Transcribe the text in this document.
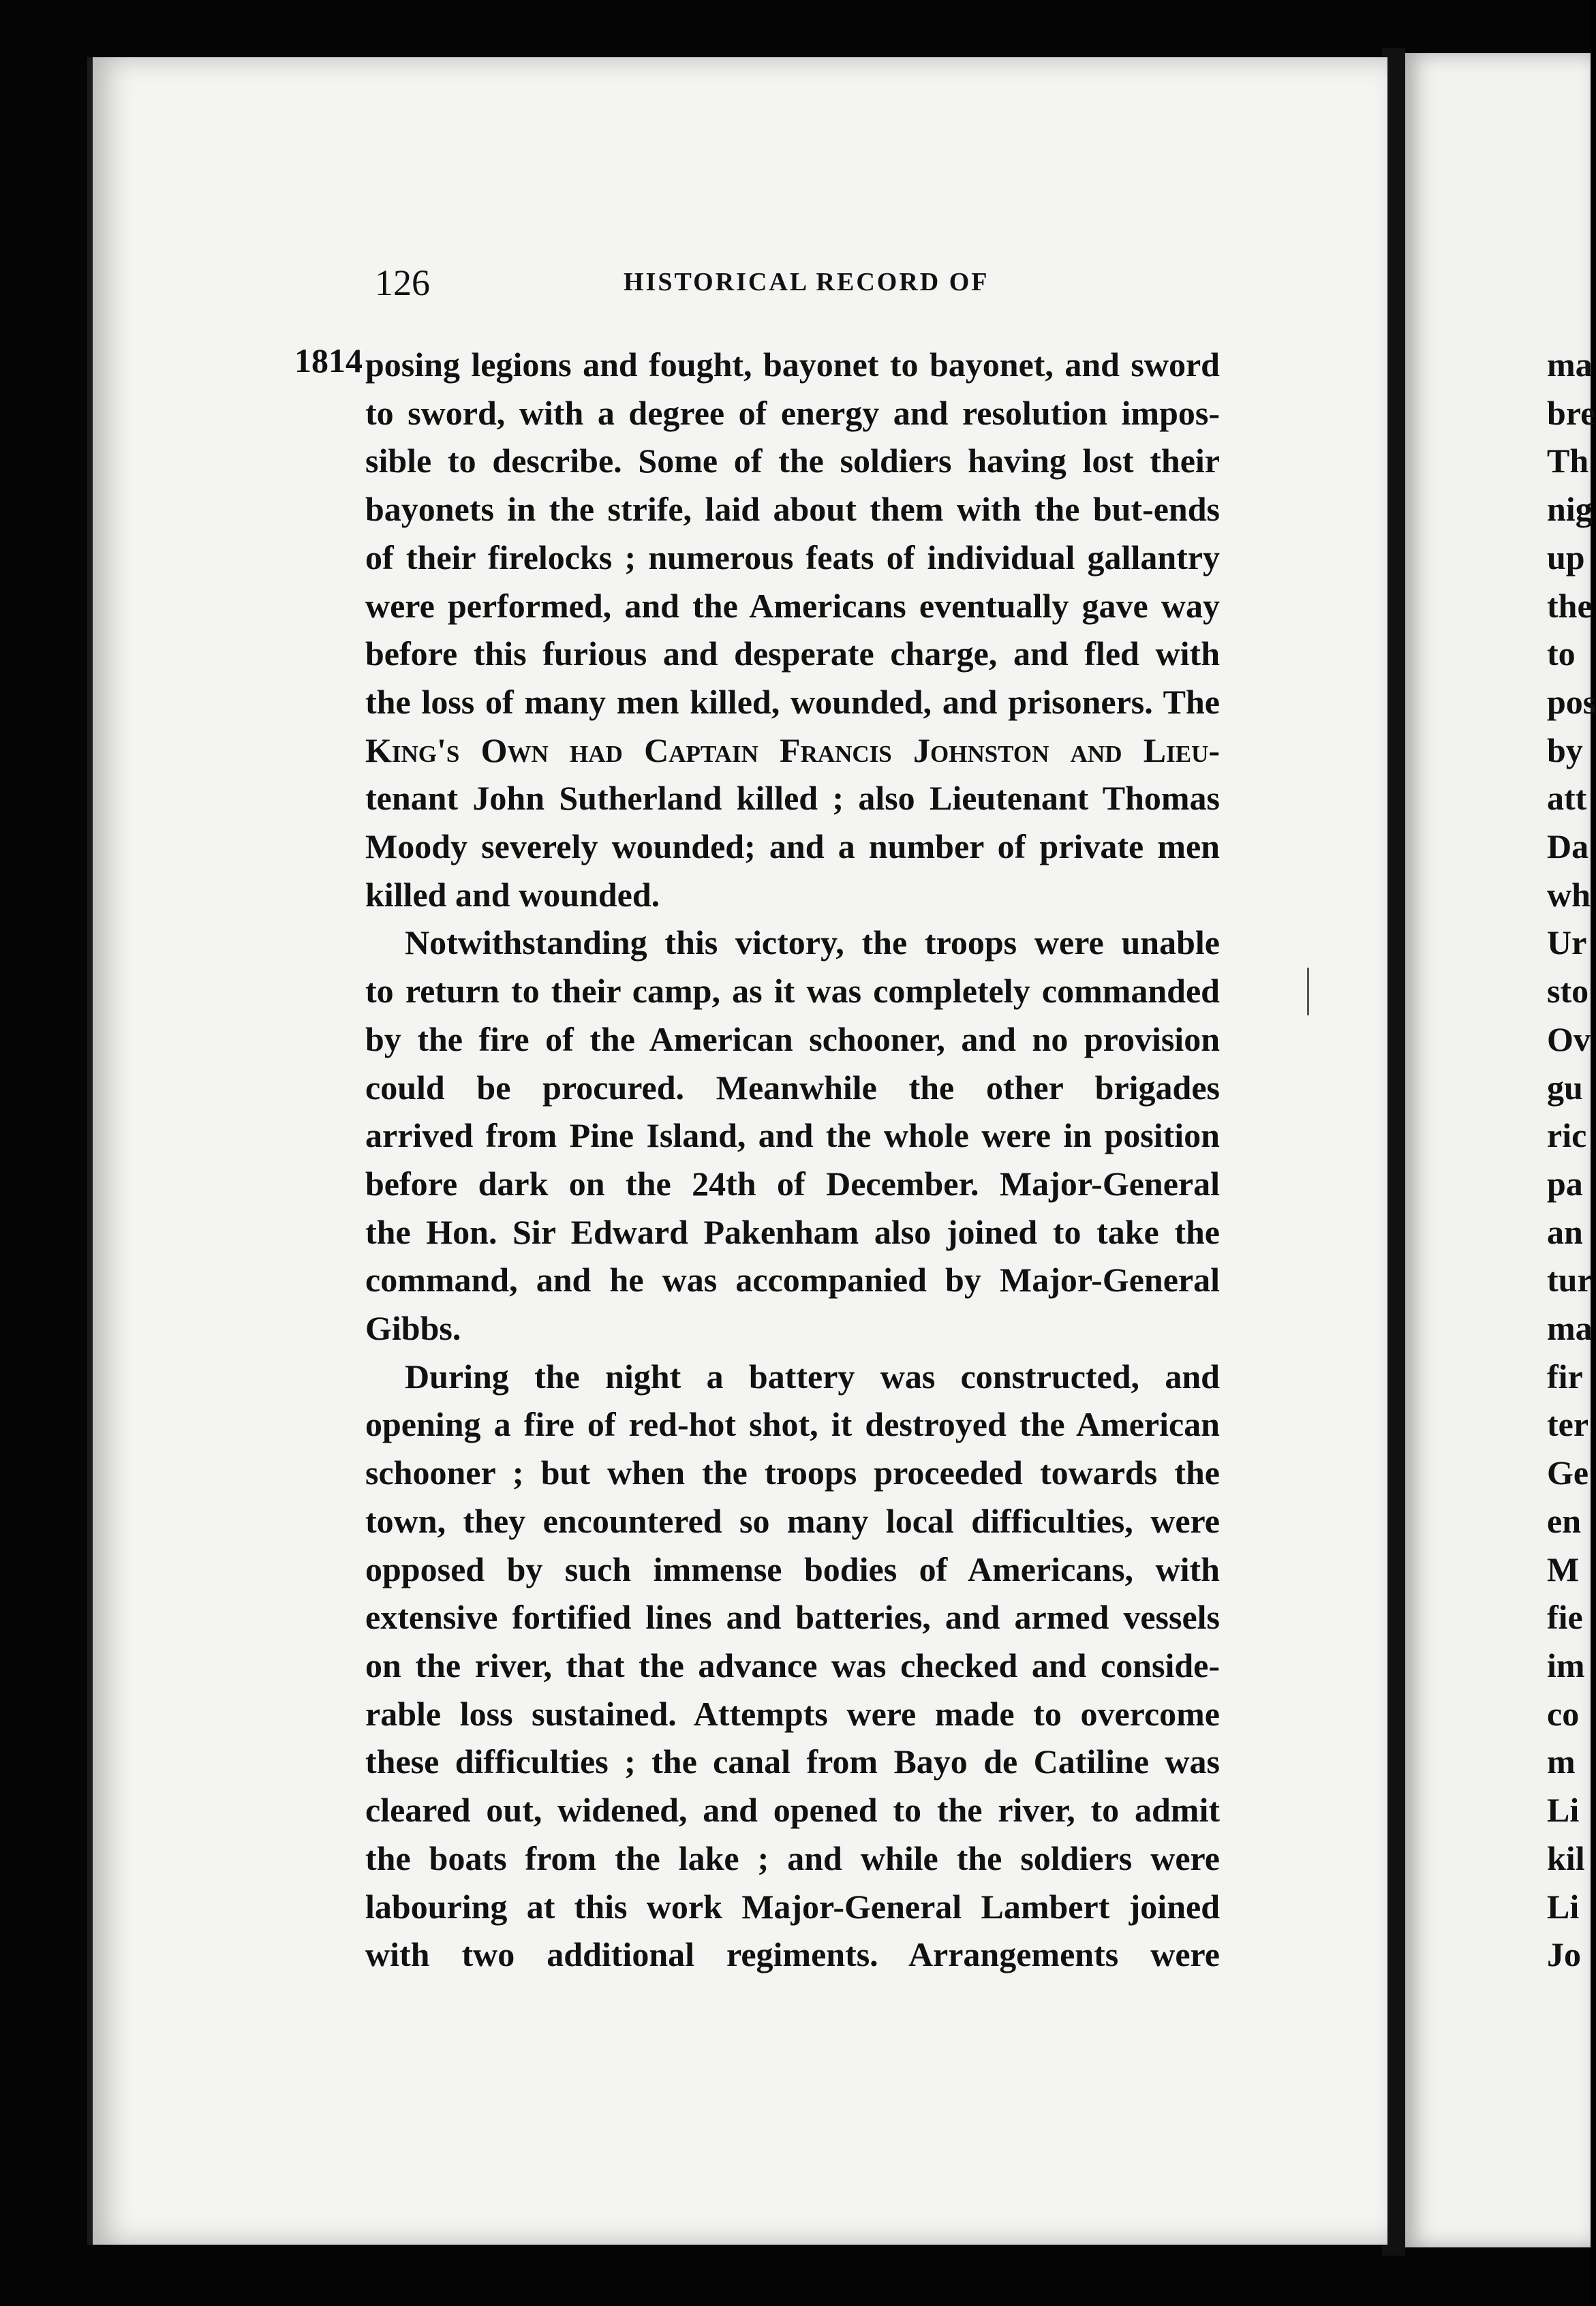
126	HISTORICAL RECORD OF
1814 posing legions and fought, bayonet to bayonet, and sword
to sword, with a degree of energy and resolution impos-
sible to describe. Some of the soldiers having lost their
bayonets in the strife, laid about them with the but-ends
of their firelocks ; numerous feats of individual gallantry
were performed, and the Americans eventually gave way
before this furious and desperate charge, and fled with
the loss of many men killed, wounded, and prisoners. The
King's Own had Captain Francis Johnston and Lieu-
tenant John Sutherland killed ; also Lieutenant Thomas
Moody severely wounded; and a number of private men
killed and wounded.
Notwithstanding this victory, the troops were unable
to return to their camp, as it was completely commanded
by the fire of the American schooner, and no provision
could be procured. Meanwhile the other brigades
arrived from Pine Island, and the whole were in position
before dark on the 24th of December. Major-General
the Hon. Sir Edward Pakenham also joined to take the
command, and he was accompanied by Major-General
Gibbs.
During the night a battery was constructed, and
opening a fire of red-hot shot, it destroyed the American
schooner ; but when the troops proceeded towards the
town, they encountered so many local difficulties, were
opposed by such immense bodies of Americans, with
extensive fortified lines and batteries, and armed vessels
on the river, that the advance was checked and conside-
rable loss sustained. Attempts were made to overcome
these difficulties ; the canal from Bayo de Catiline was
cleared out, widened, and opened to the river, to admit
the boats from the lake ; and while the soldiers were
labouring at this work Major-General Lambert joined
with two additional regiments. Arrangements were
ma
bre
Th
nig
up
the
to
pos
by
att
Da
wh
Ur
sto
Ov
gu
ric
pa
an
tur
ma
fir
ter
Ge
en
M
fie
im
co
m
Li
kil
Li
Jo
